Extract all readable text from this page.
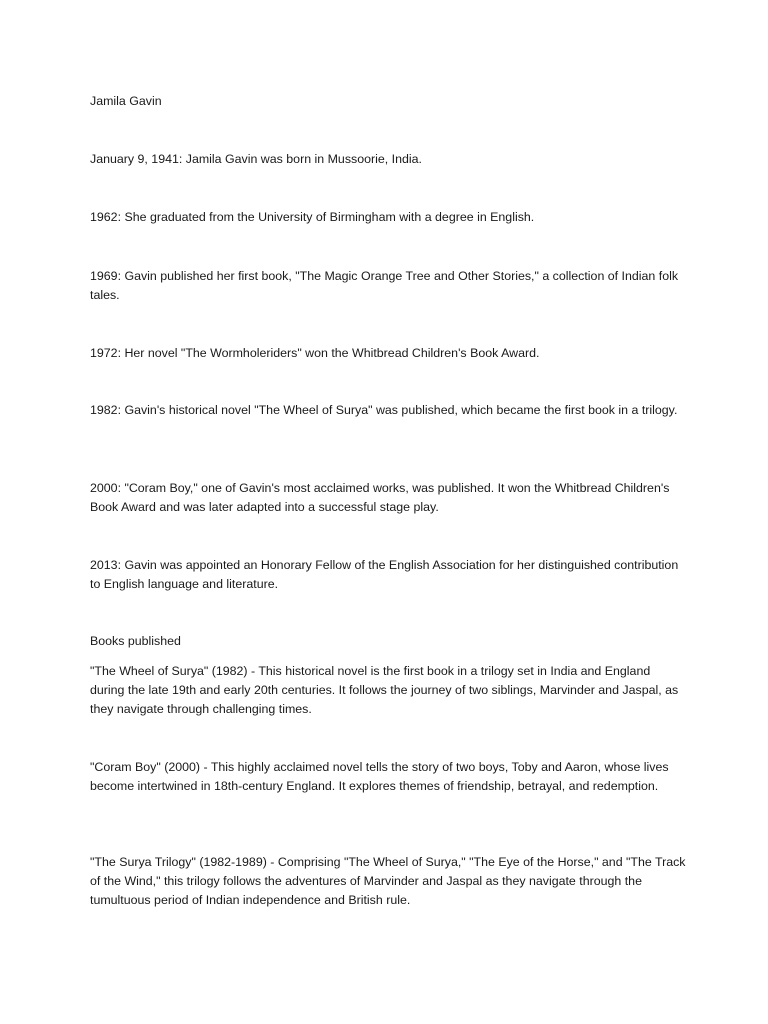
Jamila Gavin

January 9, 1941: Jamila Gavin was born in Mussoorie, India.

1962: She graduated from the University of Birmingham with a degree in English.

1969: Gavin published her first book, "The Magic Orange Tree and Other Stories," a collection of Indian folk tales.

1972: Her novel "The Wormholeriders" won the Whitbread Children's Book Award.

1982: Gavin's historical novel "The Wheel of Surya" was published, which became the first book in a trilogy.

2000: "Coram Boy," one of Gavin's most acclaimed works, was published. It won the Whitbread Children's Book Award and was later adapted into a successful stage play.

2013: Gavin was appointed an Honorary Fellow of the English Association for her distinguished contribution to English language and literature.

Books published

"The Wheel of Surya" (1982) - This historical novel is the first book in a trilogy set in India and England during the late 19th and early 20th centuries. It follows the journey of two siblings, Marvinder and Jaspal, as they navigate through challenging times.

"Coram Boy" (2000) - This highly acclaimed novel tells the story of two boys, Toby and Aaron, whose lives become intertwined in 18th-century England. It explores themes of friendship, betrayal, and redemption.

"The Surya Trilogy" (1982-1989) - Comprising "The Wheel of Surya," "The Eye of the Horse," and "The Track of the Wind," this trilogy follows the adventures of Marvinder and Jaspal as they navigate through the tumultuous period of Indian independence and British rule.
